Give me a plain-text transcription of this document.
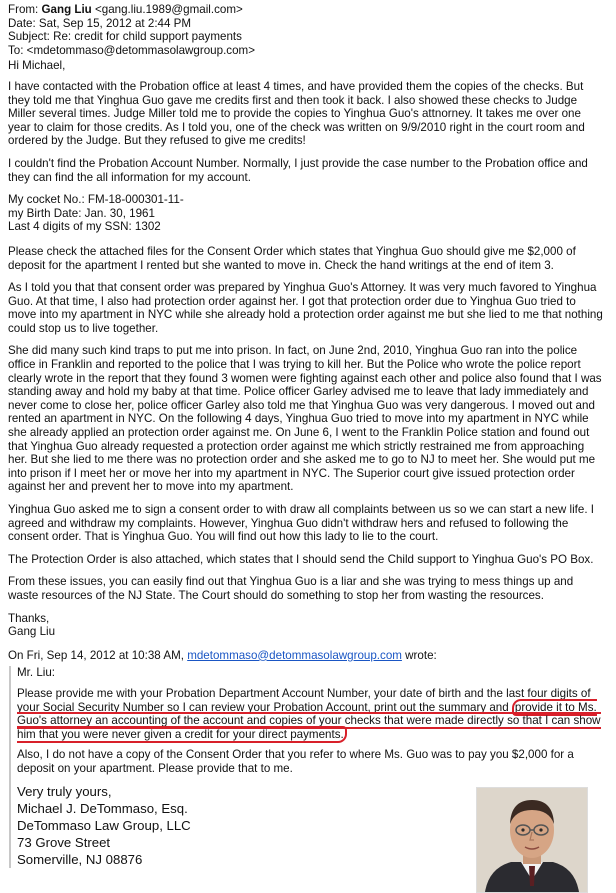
From: Gang Liu <gang.liu.1989@gmail.com>
Date: Sat, Sep 15, 2012 at 2:44 PM
Subject: Re: credit for child support payments
To: <mdetommaso@detommasolawgroup.com>

Hi Michael,

I have contacted with the Probation office at least 4 times, and have provided them the copies of the checks. But they told me that Yinghua Guo gave me credits first and then took it back. I also showed these checks to Judge Miller several times. Judge Miller told me to provide the copies to Yinghua Guo's attnorney. It takes me over one year to claim for those credits. As I told you, one of the check was written on 9/9/2010 right in the court room and ordered by the Judge. But they refused to give me credits!

I couldn't find the Probation Account Number. Normally, I just provide the case number to the Probation office and they can find the all information for my account.

My cocket No.: FM-18-000301-11-
my Birth Date: Jan. 30, 1961
Last 4 digits of my SSN: 1302

Please check the attached files for the Consent Order which states that Yinghua Guo should give me $2,000 of deposit for the apartment I rented but she wanted to move in. Check the hand writings at the end of item 3.

As I told you that that consent order was prepared by Yinghua Guo's Attorney. It was very much favored to Yinghua Guo. At that time, I also had protection order against her. I got that protection order due to Yinghua Guo tried to move into my apartment in NYC while she already hold a protection order against me but she lied to me that nothing could stop us to live together.

She did many such kind traps to put me into prison. In fact, on June 2nd, 2010, Yinghua Guo ran into the police office in Franklin and reported to the police that I was trying to kill her. But the Police who wrote the police report clearly wrote in the report that they found 3 women were fighting against each other and police also found that I was standing away and hold my baby at that time. Police officer Garley advised me to leave that lady immediately and never come to close her, police officer Garley also told me that Yinghua Guo was very dangerous. I moved out and rented an apartment in NYC. On the following 4 days, Yinghua Guo tried to move into my apartment in NYC while she already applied an protection order against me. On June 6, I went to the Franklin Police station and found out that Yinghua Guo already requested a protection order against me which strictly restrained me from approaching her. But she lied to me there was no protection order and she asked me to go to NJ to meet her. She would put me into prison if I meet her or move her into my apartment in NYC. The Superior court give issued protection order against her and prevent her to move into my apartment.

Yinghua Guo asked me to sign a consent order to with draw all complaints between us so we can start a new life. I agreed and withdraw my complaints. However, Yinghua Guo didn't withdraw hers and refused to following the consent order. That is Yinghua Guo. You will find out how this lady to lie to the court.

The Protection Order is also attached, which states that I should send the Child support to Yinghua Guo's PO Box.

From these issues, you can easily find out that Yinghua Guo is a liar and she was trying to mess things up and waste resources of the NJ State. The Court should do something to stop her from wasting the resources.

Thanks,
Gang Liu
On Fri, Sep 14, 2012 at 10:38 AM, mdetommaso@detommasolawgroup.com wrote:

Mr. Liu:

Please provide me with your Probation Department Account Number, your date of birth and the last four digits of your Social Security Number so I can review your Probation Account, print out the summary and provide it to Ms. Guo's attorney an accounting of the account and copies of your checks that were made directly so that I can show him that you were never given a credit for your direct payments.

Also, I do not have a copy of the Consent Order that you refer to where Ms. Guo was to pay you $2,000 for a deposit on your apartment. Please provide that to me.

Very truly yours,
Michael J. DeTommaso, Esq.
DeTommaso Law Group, LLC
73 Grove Street
Somerville, NJ 08876
